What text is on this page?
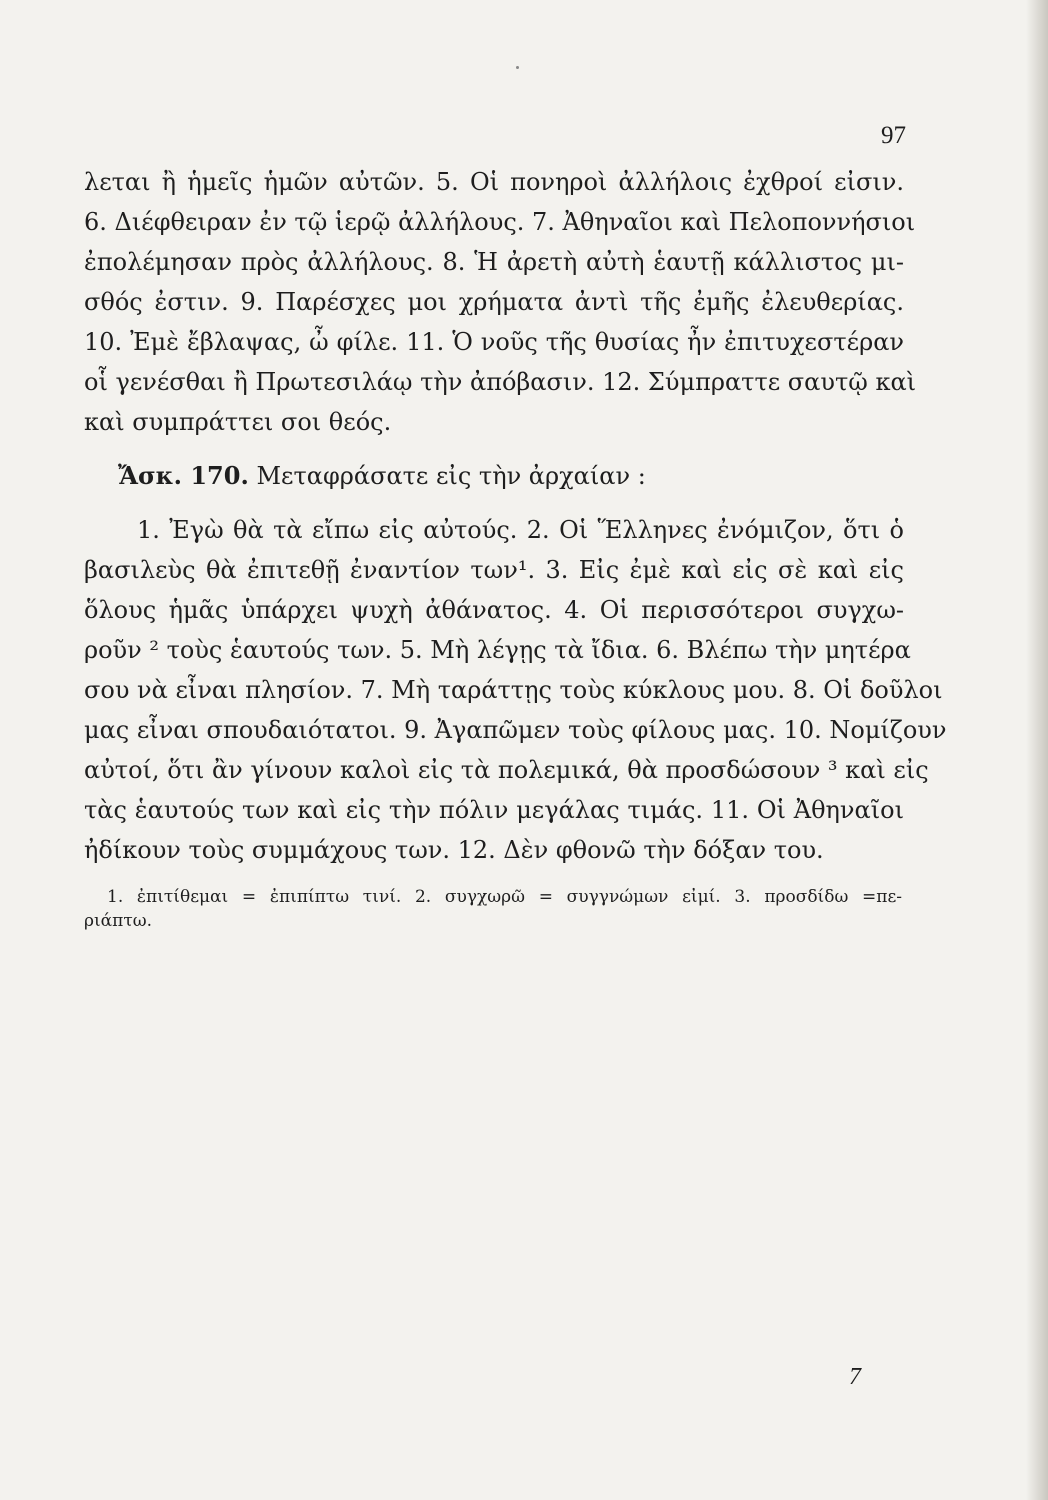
97
λεται ἢ ἡμεῖς ἡμῶν αὐτῶν. 5. Οἱ πονηροὶ ἀλλήλοις ἐχθροί εἰσιν.
6. Διέφθειραν ἐν τῷ ἱερῷ ἀλλήλους. 7. Ἀθηναῖοι καὶ Πελοποννήσιοι
ἐπολέμησαν πρὸς ἀλλήλους. 8. Ἡ ἀρετὴ αὐτὴ ἑαυτῇ κάλλιστος μι-
σθός ἐστιν. 9. Παρέσχες μοι χρήματα ἀντὶ τῆς ἐμῆς ἐλευθερίας.
10. Ἐμὲ ἔβλαψας, ὦ φίλε. 11. Ὁ νοῦς τῆς θυσίας ἦν ἐπιτυχεστέραν
οἷ γενέσθαι ἢ Πρωτεσιλάῳ τὴν ἀπόβασιν. 12. Σύμπραττε σαυτῷ καὶ
καὶ συμπράττει σοι θεός.
Ἄσκ. 170. Μεταφράσατε εἰς τὴν ἀρχαίαν :
1. Ἐγὼ θὰ τὰ εἴπω εἰς αὐτούς. 2. Οἱ Ἕλληνες ἐνόμιζον, ὅτι ὁ
βασιλεὺς θὰ ἐπιτεθῇ ἐναντίον των¹. 3. Εἰς ἐμὲ καὶ εἰς σὲ καὶ εἰς
ὅλους ἡμᾶς ὑπάρχει ψυχὴ ἀθάνατος. 4. Οἱ περισσότεροι συγχω-
ροῦν ² τοὺς ἑαυτούς των. 5. Μὴ λέγῃς τὰ ἴδια. 6. Βλέπω τὴν μητέρα
σου νὰ εἶναι πλησίον. 7. Μὴ ταράττῃς τοὺς κύκλους μου. 8. Οἱ δοῦλοι
μας εἶναι σπουδαιότατοι. 9. Ἀγαπῶμεν τοὺς φίλους μας. 10. Νομίζουν
αὐτοί, ὅτι ἂν γίνουν καλοὶ εἰς τὰ πολεμικά, θὰ προσδώσουν ³ καὶ εἰς
τὰς ἑαυτούς των καὶ εἰς τὴν πόλιν μεγάλας τιμάς. 11. Οἱ Ἀθηναῖοι
ἠδίκουν τοὺς συμμάχους των. 12. Δὲν φθονῶ τὴν δόξαν του.
1. ἐπιτίθεμαι = ἐπιπίπτω τινί. 2. συγχωρῶ = συγγνώμων εἰμί. 3. προσδίδω =πε-
ριάπτω.
7
